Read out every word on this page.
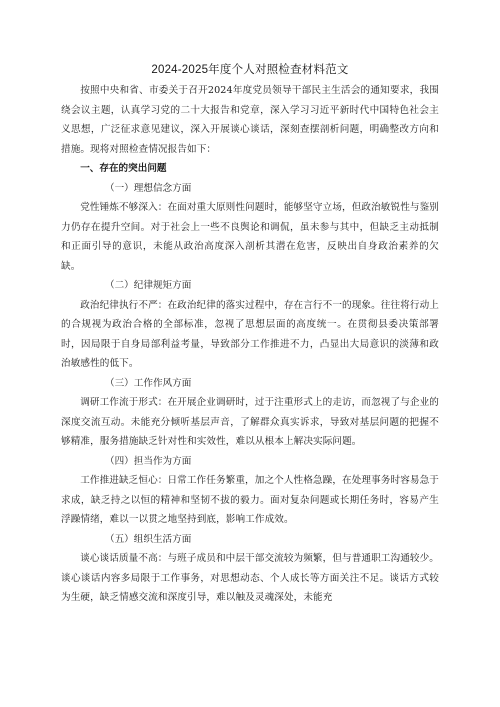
2024-2025年度个人对照检查材料范文

按照中央和省、市委关于召开2024年度党员领导干部民主生活会的通知要求，我围绕会议主题，认真学习党的二十大报告和党章，深入学习习近平新时代中国特色社会主义思想，广泛征求意见建议，深入开展谈心谈话，深刻查摆剖析问题，明确整改方向和措施。现将对照检查情况报告如下：

一、存在的突出问题

（一）理想信念方面

党性锤炼不够深入：在面对重大原则性问题时，能够坚守立场，但政治敏锐性与鉴别力仍存在提升空间。对于社会上一些不良舆论和调侃，虽未参与其中，但缺乏主动抵制和正面引导的意识，未能从政治高度深入剖析其潜在危害，反映出自身政治素养的欠缺。

（二）纪律规矩方面

政治纪律执行不严：在政治纪律的落实过程中，存在言行不一的现象。往往将行动上的合规视为政治合格的全部标准，忽视了思想层面的高度统一。在贯彻县委决策部署时，因局限于自身局部利益考量，导致部分工作推进不力，凸显出大局意识的淡薄和政治敏感性的低下。

（三）工作作风方面

调研工作流于形式：在开展企业调研时，过于注重形式上的走访，而忽视了与企业的深度交流互动。未能充分倾听基层声音，了解群众真实诉求，导致对基层问题的把握不够精准，服务措施缺乏针对性和实效性，难以从根本上解决实际问题。

（四）担当作为方面

工作推进缺乏恒心：日常工作任务繁重，加之个人性格急躁，在处理事务时容易急于求成，缺乏持之以恒的精神和坚韧不拔的毅力。面对复杂问题或长期任务时，容易产生浮躁情绪，难以一以贯之地坚持到底，影响工作成效。

（五）组织生活方面

谈心谈话质量不高：与班子成员和中层干部交流较为频繁，但与普通职工沟通较少。谈心谈话内容多局限于工作事务，对思想动态、个人成长等方面关注不足。谈话方式较为生硬，缺乏情感交流和深度引导，难以触及灵魂深处，未能充
